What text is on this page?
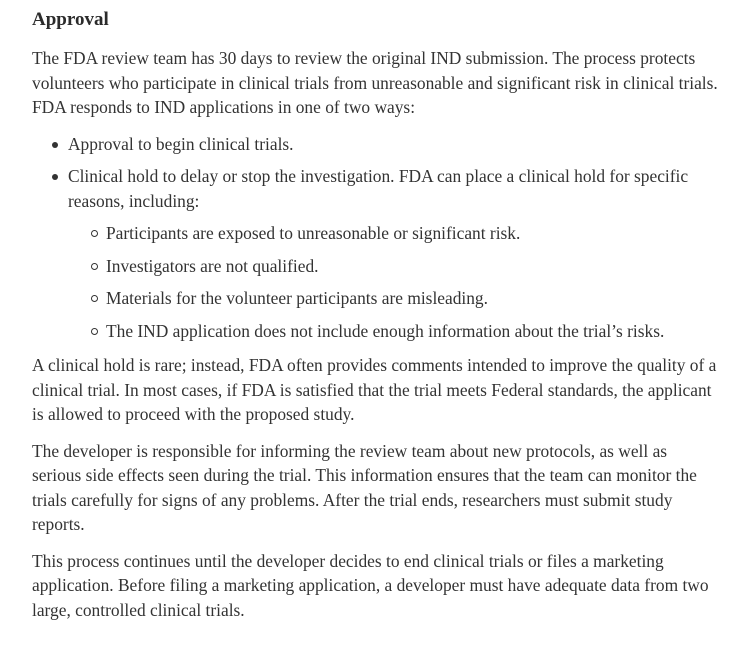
Approval

The FDA review team has 30 days to review the original IND submission. The process protects volunteers who participate in clinical trials from unreasonable and significant risk in clinical trials. FDA responds to IND applications in one of two ways:

Approval to begin clinical trials.
Clinical hold to delay or stop the investigation. FDA can place a clinical hold for specific reasons, including:
Participants are exposed to unreasonable or significant risk.
Investigators are not qualified.
Materials for the volunteer participants are misleading.
The IND application does not include enough information about the trial’s risks.

A clinical hold is rare; instead, FDA often provides comments intended to improve the quality of a clinical trial. In most cases, if FDA is satisfied that the trial meets Federal standards, the applicant is allowed to proceed with the proposed study.

The developer is responsible for informing the review team about new protocols, as well as serious side effects seen during the trial. This information ensures that the team can monitor the trials carefully for signs of any problems. After the trial ends, researchers must submit study reports.

This process continues until the developer decides to end clinical trials or files a marketing application. Before filing a marketing application, a developer must have adequate data from two large, controlled clinical trials.
